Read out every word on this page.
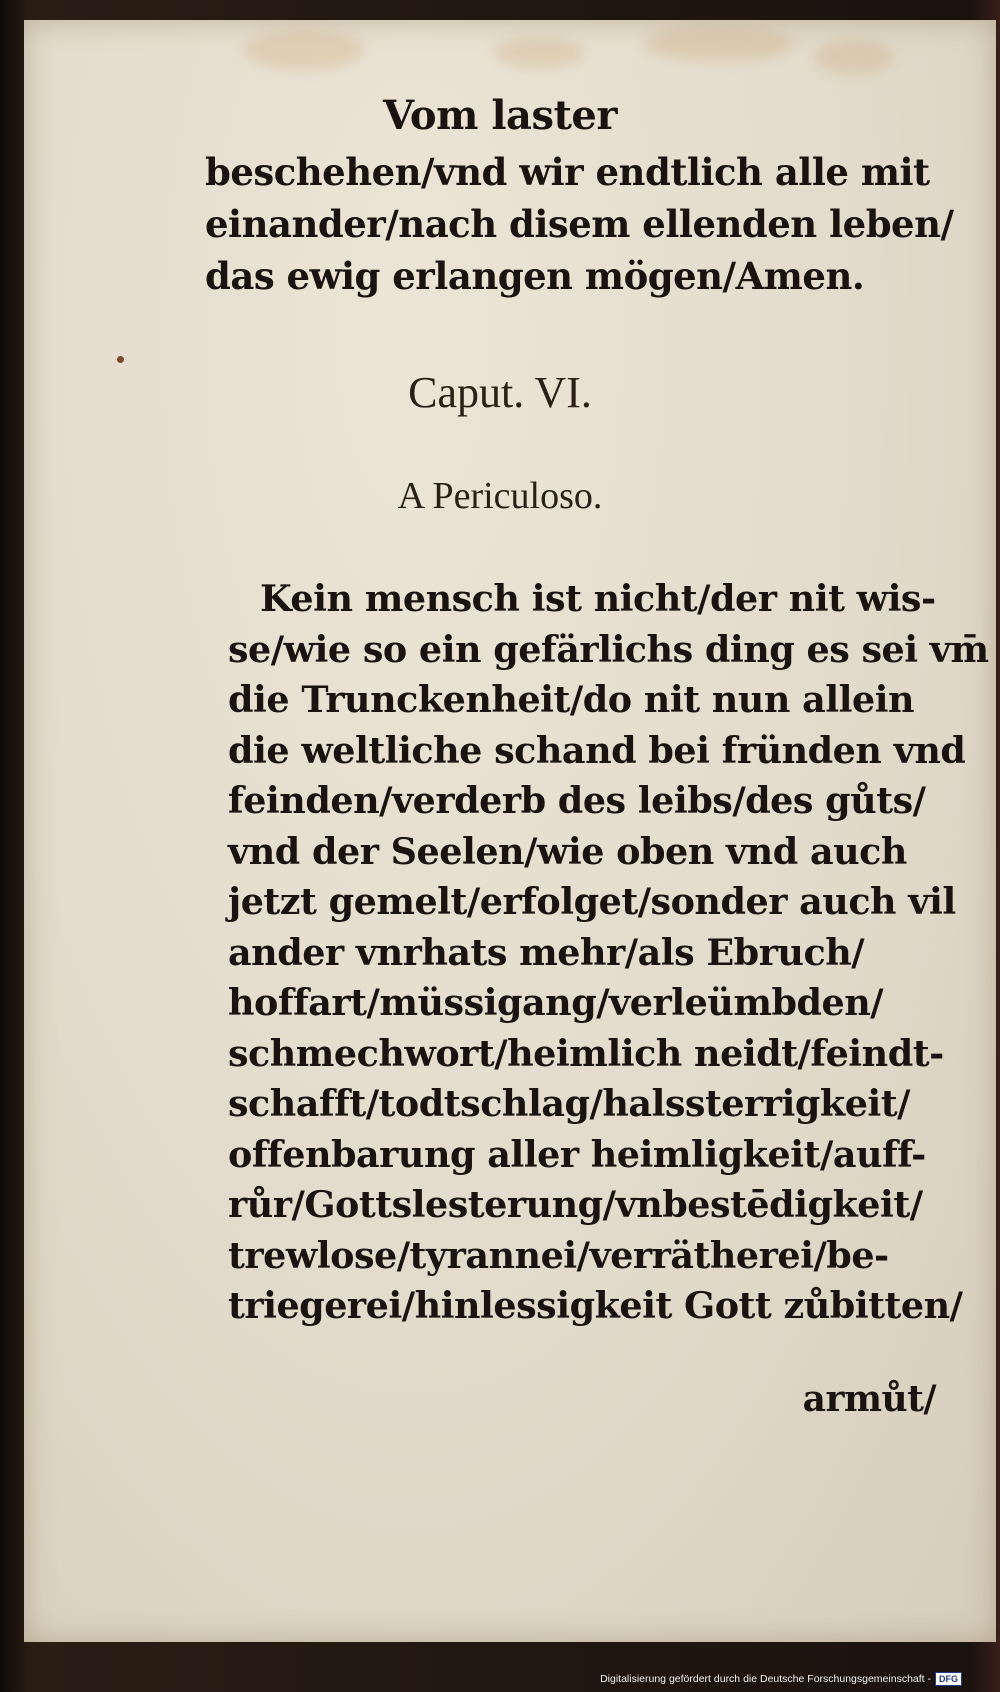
Vom laster
beschehen/vnd wir endtlich alle mit
einander/nach disem ellenden leben/
das ewig erlangen mögen/Amen.
Caput. VI.
A Periculoso.
Kein mensch ist nicht/der nit wis-
se/wie so ein gefärlichs ding es sei vm̄
die Trunckenheit/do nit nun allein
die weltliche schand bei fründen vnd
feinden/verderb des leibs/des gůts/
vnd der Seelen/wie oben vnd auch
jetzt gemelt/erfolget/sonder auch vil
ander vnrhats mehr/als Ebruch/
hoffart/müssigang/verleümbden/
schmechwort/heimlich neidt/feindt-
schafft/todtschlag/halssterrigkeit/
offenbarung aller heimligkeit/auff-
růr/Gottslesterung/vnbestēdigkeit/
trewlose/tyrannei/verrätherei/be-
triegerei/hinlessigkeit Gott zůbitten/
armůt/
Digitalisierung gefördert durch die Deutsche Forschungsgemeinschaft - DFG
